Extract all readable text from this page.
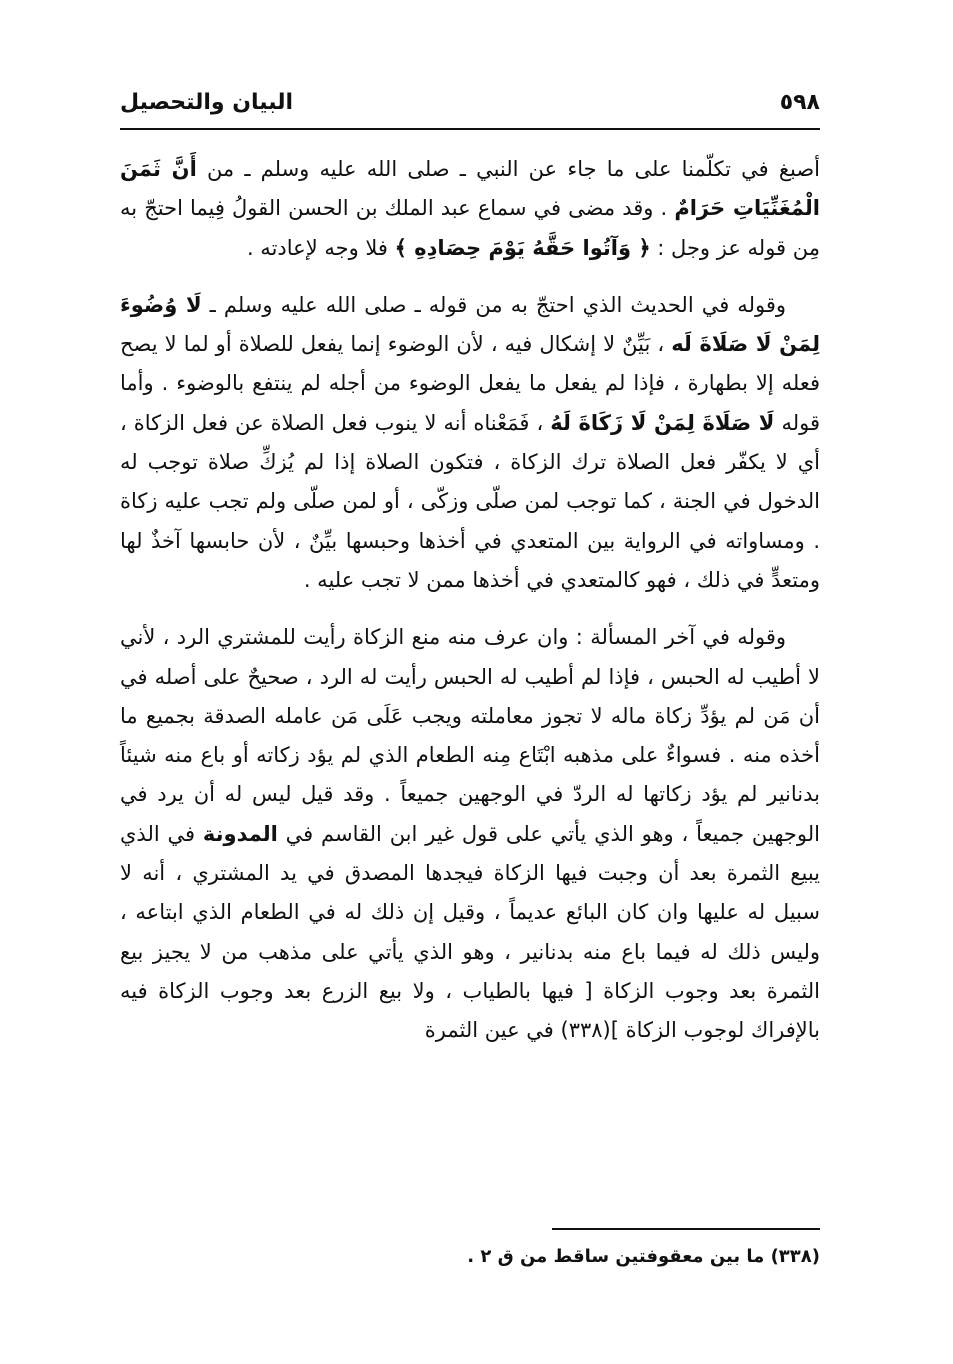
٥٩٨
البيان والتحصيل

أصبغ في تكلّمنا على ما جاء عن النبي ـ صلى الله عليه وسلم ـ من أَنَّ ثَمَنَ الْمُغَنِّيَاتِ حَرَامٌ . وقد مضى في سماع عبد الملك بن الحسن القولُ فِيما احتجّ به مِن قوله عز وجل : ﴿ وَآتُوا حَقَّهُ يَوْمَ حِصَادِهِ ﴾ فلا وجه لإعادته .

وقوله في الحديث الذي احتجّ به من قوله ـ صلى الله عليه وسلم ـ لَا وُضُوءَ لِمَنْ لَا صَلَاةَ لَه ، بَيِّنٌ لا إشكال فيه ، لأن الوضوء إنما يفعل للصلاة أو لما لا يصح فعله إلا بطهارة ، فإذا لم يفعل ما يفعل الوضوء من أجله لم ينتفع بالوضوء . وأما قوله لَا صَلَاةَ لِمَنْ لَا زَكَاةَ لَهُ ، فَمَعْناه أنه لا ينوب فعل الصلاة عن فعل الزكاة ، أي لا يكفّر فعل الصلاة ترك الزكاة ، فتكون الصلاة إذا لم يُزكِّ صلاة توجب له الدخول في الجنة ، كما توجب لمن صلّى وزكّى ، أو لمن صلّى ولم تجب عليه زكاة . ومساواته في الرواية بين المتعدي في أخذها وحبسها بيِّنٌ ، لأن حابسها آخذٌ لها ومتعدٍّ في ذلك ، فهو كالمتعدي في أخذها ممن لا تجب عليه .

وقوله في آخر المسألة : وان عرف منه منع الزكاة رأيت للمشتري الرد ، لأني لا أطيب له الحبس ، فإذا لم أطيب له الحبس رأيت له الرد ، صحيحٌ على أصله في أن مَن لم يؤدِّ زكاة ماله لا تجوز معاملته ويجب عَلَى مَن عامله الصدقة بجميع ما أخذه منه . فسواءٌ على مذهبه ابْتَاع مِنه الطعام الذي لم يؤد زكاته أو باع منه شيئاً بدنانير لم يؤد زكاتها له الردّ في الوجهين جميعاً . وقد قيل ليس له أن يرد في الوجهين جميعاً ، وهو الذي يأتي على قول غير ابن القاسم في المدونة في الذي يبيع الثمرة بعد أن وجبت فيها الزكاة فيجدها المصدق في يد المشتري ، أنه لا سبيل له عليها وان كان البائع عديماً ، وقيل إن ذلك له في الطعام الذي ابتاعه ، وليس ذلك له فيما باع منه بدنانير ، وهو الذي يأتي على مذهب من لا يجيز بيع الثمرة بعد وجوب الزكاة [ فيها بالطياب ، ولا بيع الزرع بعد وجوب الزكاة فيه بالإفراك لوجوب الزكاة ](٣٣٨) في عين الثمرة

(٣٣٨) ما بين معقوفتين ساقط من ق ٢ .
